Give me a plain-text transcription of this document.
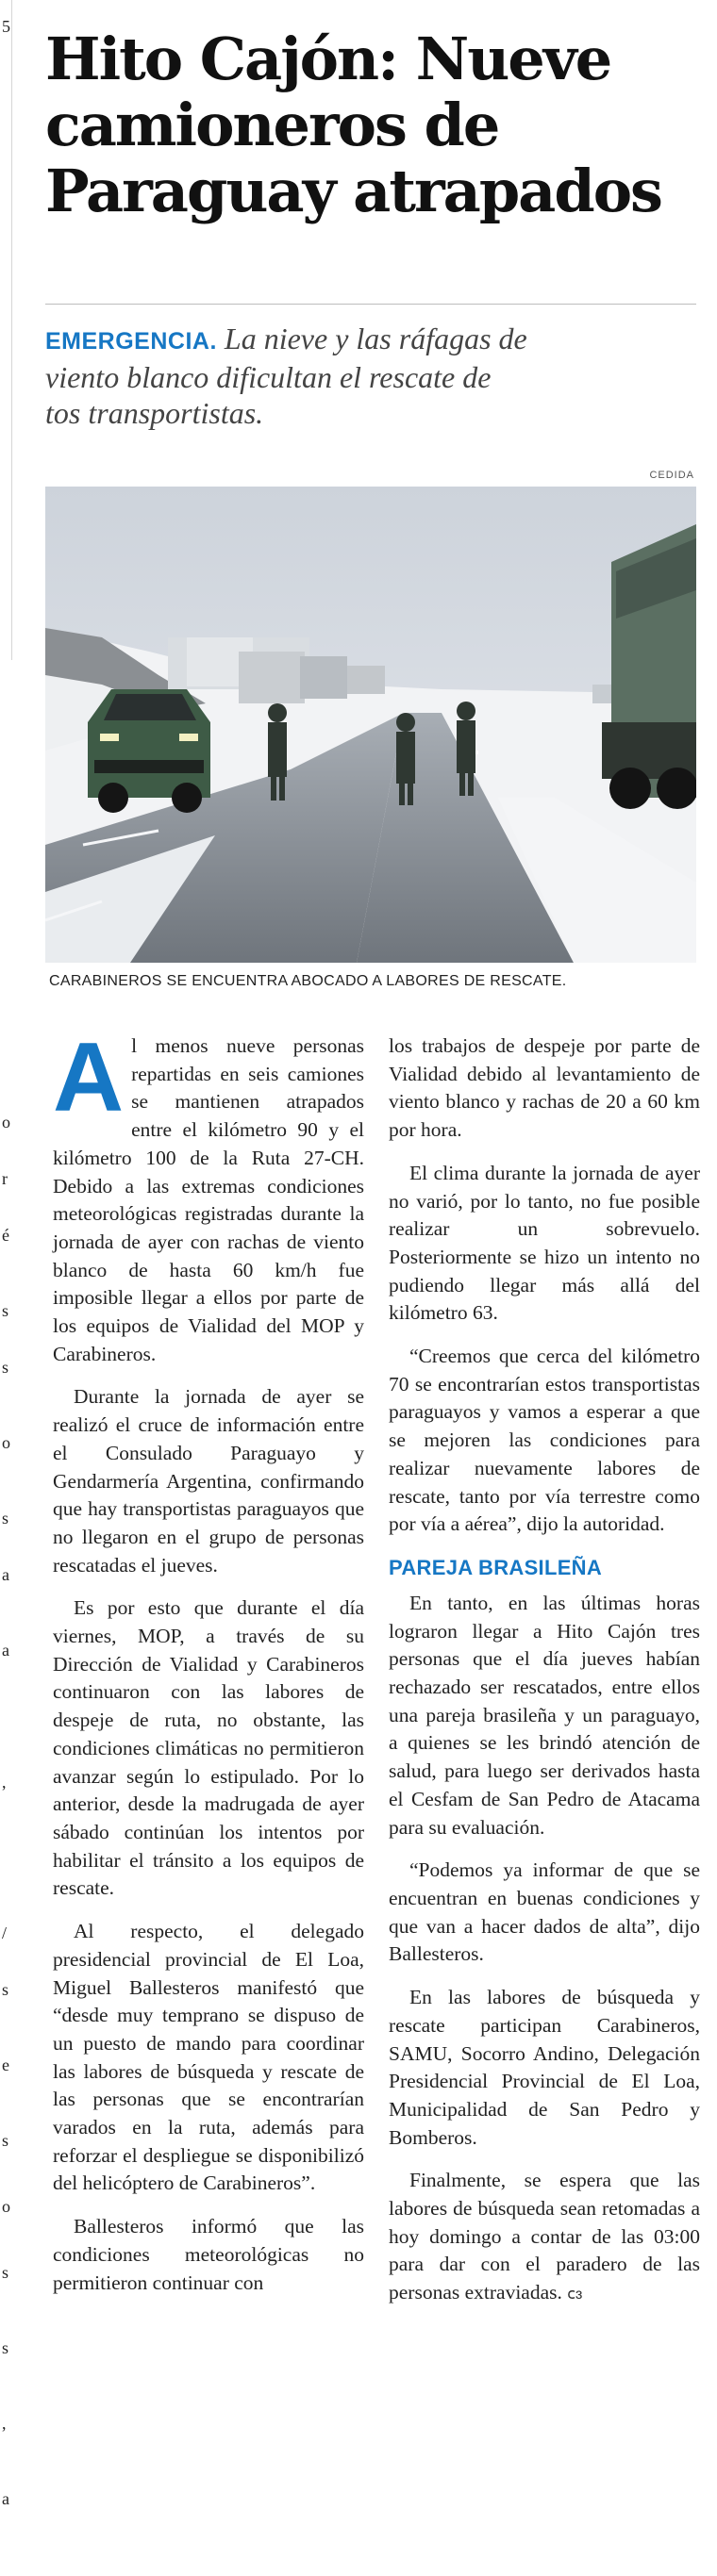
5
o
r
é
s
s
o
s
a
a
,
/
s
e
s
o
s
s
,
a
Hito Cajón: Nueve
camioneros de
Paraguay atrapados
EMERGENCIA. La nieve y las ráfagas de
viento blanco dificultan el rescate de
tos transportistas.
CEDIDA
CARABINEROS SE ENCUENTRA ABOCADO A LABORES DE RESCATE.

Al menos nueve personas repartidas en seis camiones se mantienen atrapados entre el kilómetro 90 y el kilómetro 100 de la Ruta 27-CH. Debido a las extremas condiciones meteorológicas registradas durante la jornada de ayer con rachas de viento blanco de hasta 60 km/h fue imposible llegar a ellos por parte de los equipos de Vialidad del MOP y Carabineros.

Durante la jornada de ayer se realizó el cruce de información entre el Consulado Paraguayo y Gendarmería Argentina, confirmando que hay transportistas paraguayos que no llegaron en el grupo de personas rescatadas el jueves.

Es por esto que durante el día viernes, MOP, a través de su Dirección de Vialidad y Carabineros continuaron con las labores de despeje de ruta, no obstante, las condiciones climáticas no permitieron avanzar según lo estipulado. Por lo anterior, desde la madrugada de ayer sábado continúan los intentos por habilitar el tránsito a los equipos de rescate.

Al respecto, el delegado presidencial provincial de El Loa, Miguel Ballesteros manifestó que “desde muy temprano se dispuso de un puesto de mando para coordinar las labores de búsqueda y rescate de las personas que se encontrarían varados en la ruta, además para reforzar el despliegue se disponibilizó del helicóptero de Carabineros”.

Ballesteros informó que las condiciones meteorológicas no permitieron continuar con

los trabajos de despeje por parte de Vialidad debido al levantamiento de viento blanco y rachas de 20 a 60 km por hora.

El clima durante la jornada de ayer no varió, por lo tanto, no fue posible realizar un sobrevuelo. Posteriormente se hizo un intento no pudiendo llegar más allá del kilómetro 63.

“Creemos que cerca del kilómetro 70 se encontrarían estos transportistas paraguayos y vamos a esperar a que se mejoren las condiciones para realizar nuevamente labores de rescate, tanto por vía terrestre como por vía a aérea”, dijo la autoridad.

PAREJA BRASILEÑA

En tanto, en las últimas horas lograron llegar a Hito Cajón tres personas que el día jueves habían rechazado ser rescatados, entre ellos una pareja brasileña y un paraguayo, a quienes se les brindó atención de salud, para luego ser derivados hasta el Cesfam de San Pedro de Atacama para su evaluación.

“Podemos ya informar de que se encuentran en buenas condiciones y que van a hacer dados de alta”, dijo Ballesteros.

En las labores de búsqueda y rescate participan Carabineros, SAMU, Socorro Andino, Delegación Presidencial Provincial de El Loa, Municipalidad de San Pedro y Bomberos.

Finalmente, se espera que las labores de búsqueda sean retomadas a hoy domingo a contar de las 03:00 para dar con el paradero de las personas extraviadas. ⅽɜ
